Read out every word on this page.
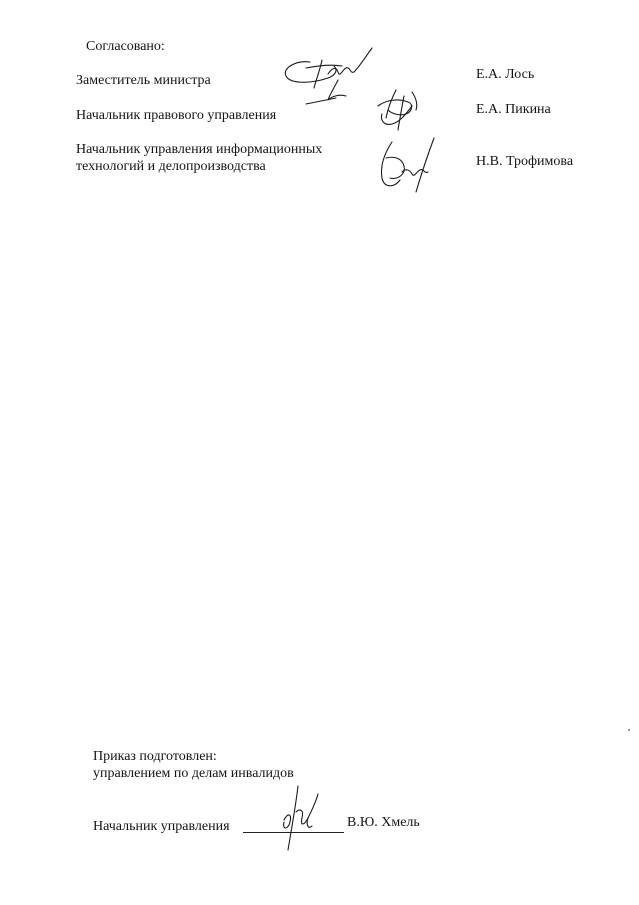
Согласовано:
Заместитель министра	Е.А. Лось
Начальник правового управления	Е.А. Пикина
Начальник управления информационных
технологий и делопроизводства	Н.В. Трофимова
Приказ подготовлен:
управлением по делам инвалидов
Начальник управления	В.Ю. Хмель
